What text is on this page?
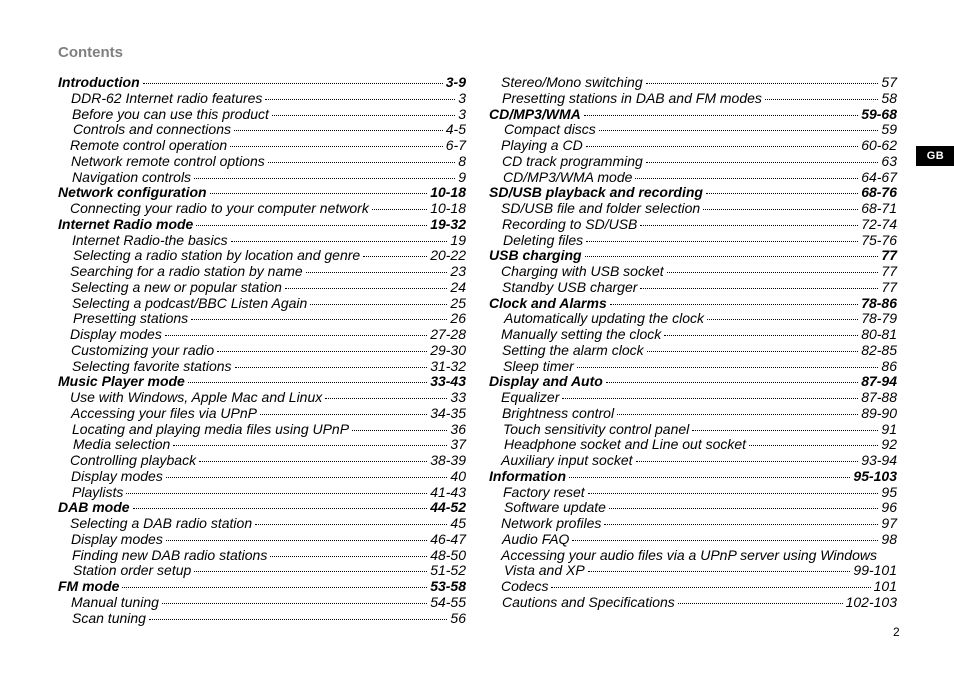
Contents
Introduction	3-9
DDR-62 Internet radio features	3
Before you can use this product	3
Controls and connections	4-5
Remote control operation	6-7
Network remote control options	8
Navigation controls	9
Network configuration	10-18
Connecting your radio to your computer network	10-18
Internet Radio mode	19-32
Internet Radio-the basics	19
Selecting a radio station by location and genre	20-22
Searching for a radio station by name	23
Selecting a new or popular station	24
Selecting a podcast/BBC Listen Again	25
Presetting stations	26
Display modes	27-28
Customizing your radio	29-30
Selecting favorite stations	31-32
Music Player mode	33-43
Use with Windows, Apple Mac and Linux	33
Accessing your files via UPnP	34-35
Locating and playing media files using UPnP	36
Media selection	37
Controlling playback	38-39
Display modes	40
Playlists	41-43
DAB mode	44-52
Selecting a DAB radio station	45
Display modes	46-47
Finding new DAB radio stations	48-50
Station order setup	51-52
FM mode	53-58
Manual tuning	54-55
Scan tuning	56
Stereo/Mono switching	57
Presetting stations in DAB and FM modes	58
CD/MP3/WMA	59-68
Compact discs	59
Playing a CD	60-62
CD track programming	63
CD/MP3/WMA mode	64-67
SD/USB playback and recording	68-76
SD/USB file and folder selection	68-71
Recording to SD/USB	72-74
Deleting files	75-76
USB charging	77
Charging with USB socket	77
Standby USB charger	77
Clock and Alarms	78-86
Automatically updating the clock	78-79
Manually setting the clock	80-81
Setting the alarm clock	82-85
Sleep timer	86
Display and Auto	87-94
Equalizer	87-88
Brightness control	89-90
Touch sensitivity control panel	91
Headphone socket and Line out socket	92
Auxiliary input socket	93-94
Information	95-103
Factory reset	95
Software update	96
Network profiles	97
Audio FAQ	98
Accessing your audio files via a UPnP server using Windows
Vista and XP	99-101
Codecs	101
Cautions and Specifications	102-103
GB
2
